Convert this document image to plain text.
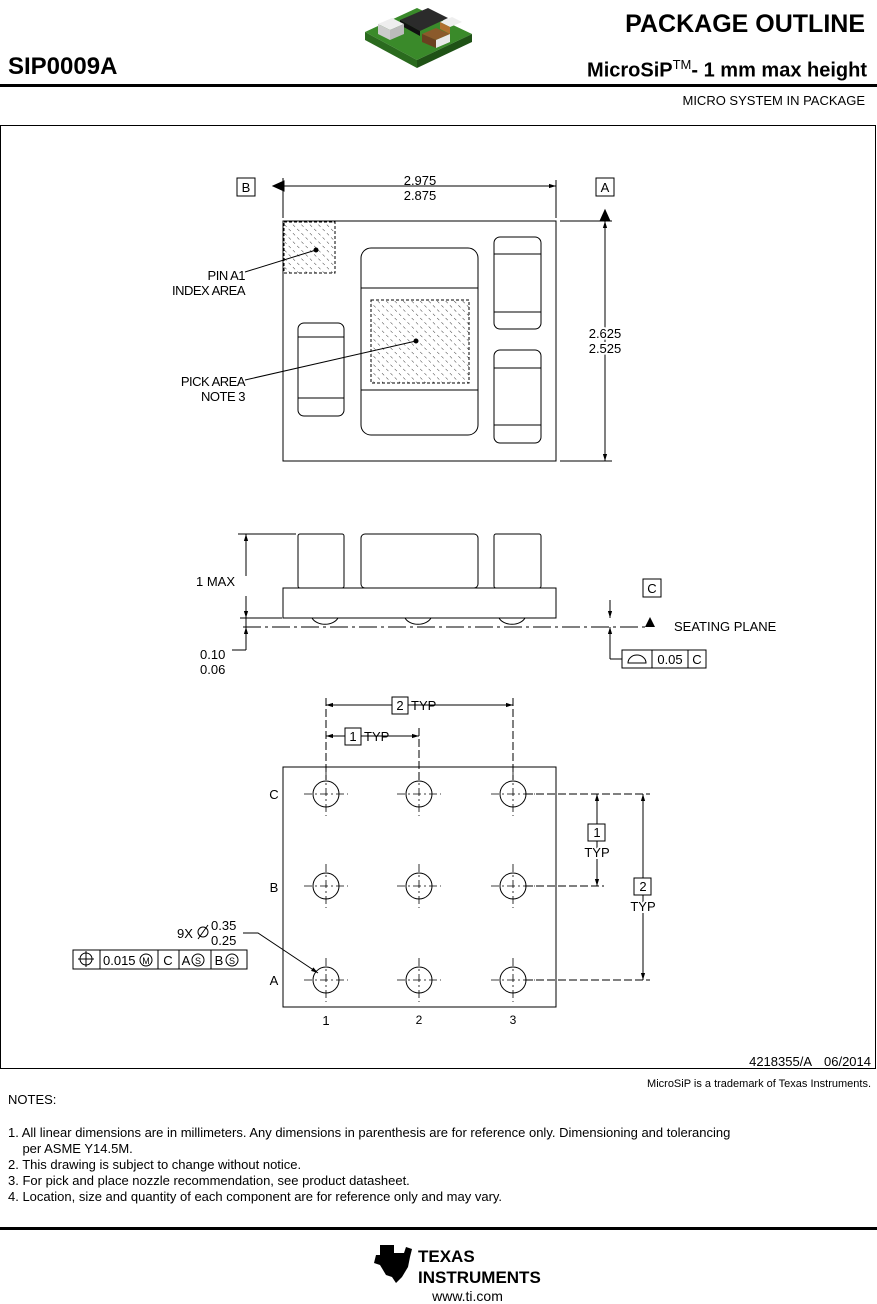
SIP0009A
PACKAGE OUTLINE
MicroSiP™- 1 mm max height
MICRO SYSTEM IN PACKAGE
B	A
2.975
2.875
2.625
2.525
PIN A1
INDEX AREA
PICK AREA
NOTE 3
1 MAX
0.10
0.06
C
SEATING PLANE
0.05 C
2 TYP
1 TYP
C
B
A
1	2	3
9X
0.35
0.25
0.015 M C A S B S
1
TYP
2
TYP
4218355/A 06/2014
MicroSiP is a trademark of Texas Instruments.
NOTES:
1. All linear dimensions are in millimeters. Any dimensions in parenthesis are for reference only. Dimensioning and tolerancing
per ASME Y14.5M.
2. This drawing is subject to change without notice.
3. For pick and place nozzle recommendation, see product datasheet.
4. Location, size and quantity of each component are for reference only and may vary.
TEXAS
INSTRUMENTS
www.ti.com
